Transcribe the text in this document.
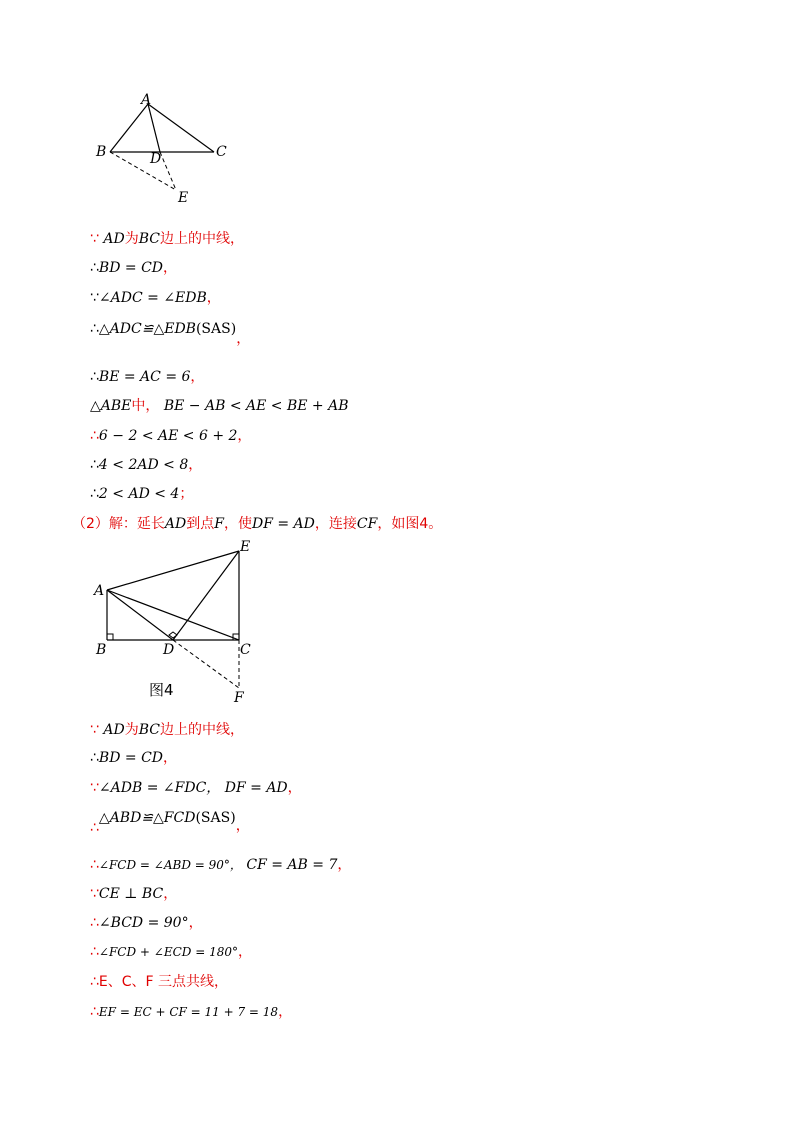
A
B	C
D
E
∵ AD为BC边上的中线，
∴BD = CD，
∵∠ADC = ∠EDB，
∴△ADC≌△EDB(SAS)，
∴BE = AC = 6，
△ABE中， BE − AB < AE < BE + AB
∴6 − 2 < AE < 6 + 2，
∴4 < 2AD < 8，
∴2 < AD < 4；
（2）解：延长AD到点F，使DF = AD，连接CF，如图4。
A
B	C
D
E
F
图4
∵ AD为BC边上的中线，
∴BD = CD，
∵∠ADB = ∠FDC， DF = AD，
∴△ABD≌△FCD(SAS)，
∴∠FCD = ∠ABD = 90°， CF = AB = 7，
∵CE ⊥ BC，
∴∠BCD = 90°，
∴∠FCD + ∠ECD = 180°，
∴E、C、F 三点共线，
∴EF = EC + CF = 11 + 7 = 18，
